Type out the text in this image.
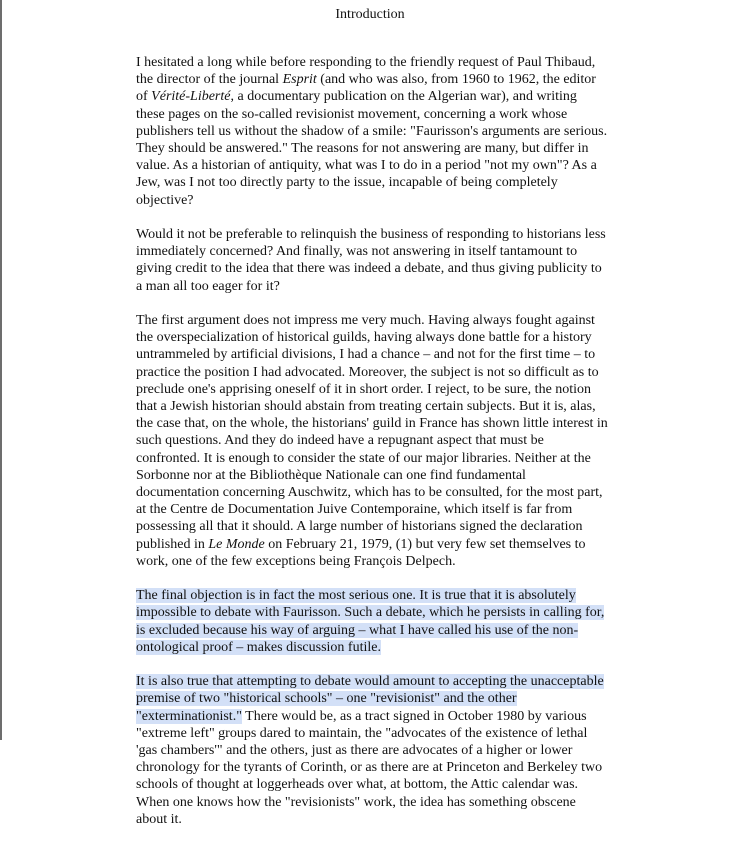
Introduction

I hesitated a long while before responding to the friendly request of Paul Thibaud, the director of the journal Esprit (and who was also, from 1960 to 1962, the editor of Vérité-Liberté, a documentary publication on the Algerian war), and writing these pages on the so-called revisionist movement, concerning a work whose publishers tell us without the shadow of a smile: "Faurisson's arguments are serious. They should be answered." The reasons for not answering are many, but differ in value. As a historian of antiquity, what was I to do in a period "not my own"? As a Jew, was I not too directly party to the issue, incapable of being completely objective?

Would it not be preferable to relinquish the business of responding to historians less immediately concerned? And finally, was not answering in itself tantamount to giving credit to the idea that there was indeed a debate, and thus giving publicity to a man all too eager for it?

The first argument does not impress me very much. Having always fought against the overspecialization of historical guilds, having always done battle for a history untrammeled by artificial divisions, I had a chance – and not for the first time – to practice the position I had advocated. Moreover, the subject is not so difficult as to preclude one's apprising oneself of it in short order. I reject, to be sure, the notion that a Jewish historian should abstain from treating certain subjects. But it is, alas, the case that, on the whole, the historians' guild in France has shown little interest in such questions. And they do indeed have a repugnant aspect that must be confronted. It is enough to consider the state of our major libraries. Neither at the Sorbonne nor at the Bibliothèque Nationale can one find fundamental documentation concerning Auschwitz, which has to be consulted, for the most part, at the Centre de Documentation Juive Contemporaine, which itself is far from possessing all that it should. A large number of historians signed the declaration published in Le Monde on February 21, 1979, (1) but very few set themselves to work, one of the few exceptions being François Delpech.

The final objection is in fact the most serious one. It is true that it is absolutely impossible to debate with Faurisson. Such a debate, which he persists in calling for, is excluded because his way of arguing – what I have called his use of the non-ontological proof – makes discussion futile.

It is also true that attempting to debate would amount to accepting the unacceptable premise of two "historical schools" – one "revisionist" and the other "exterminationist." There would be, as a tract signed in October 1980 by various "extreme left" groups dared to maintain, the "advocates of the existence of lethal 'gas chambers'" and the others, just as there are advocates of a higher or lower chronology for the tyrants of Corinth, or as there are at Princeton and Berkeley two schools of thought at loggerheads over what, at bottom, the Attic calendar was. When one knows how the "revisionists" work, the idea has something obscene about it.
